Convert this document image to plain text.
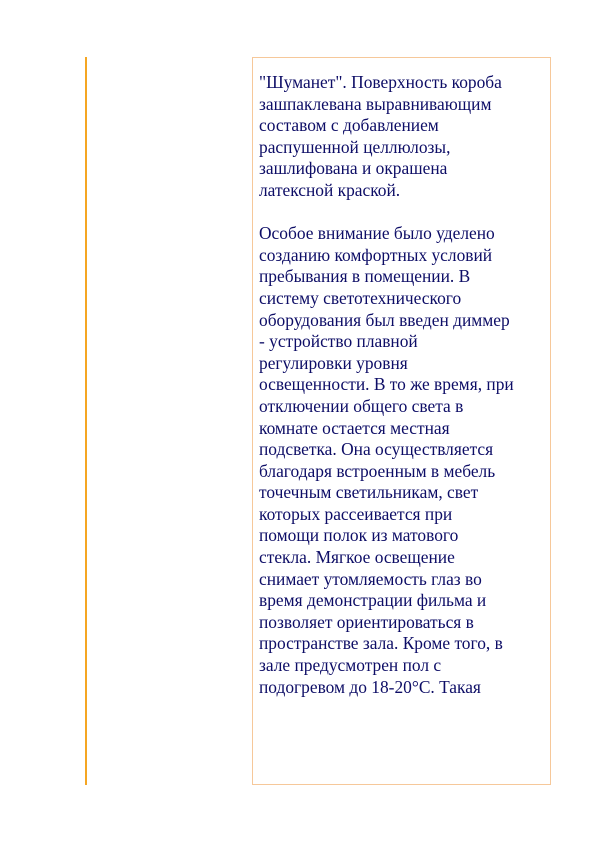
"Шуманет". Поверхность короба
зашпаклевана выравнивающим
составом с добавлением
распушенной целлюлозы,
зашлифована и окрашена
латексной краской.

Особое внимание было уделено
созданию комфортных условий
пребывания в помещении. В
систему светотехнического
оборудования был введен диммер
- устройство плавной
регулировки уровня
освещенности. В то же время, при
отключении общего света в
комнате остается местная
подсветка. Она осуществляется
благодаря встроенным в мебель
точечным светильникам, свет
которых рассеивается при
помощи полок из матового
стекла. Мягкое освещение
снимает утомляемость глаз во
время демонстрации фильма и
позволяет ориентироваться в
пространстве зала. Кроме того, в
зале предусмотрен пол с
подогревом до 18-20°С. Такая
